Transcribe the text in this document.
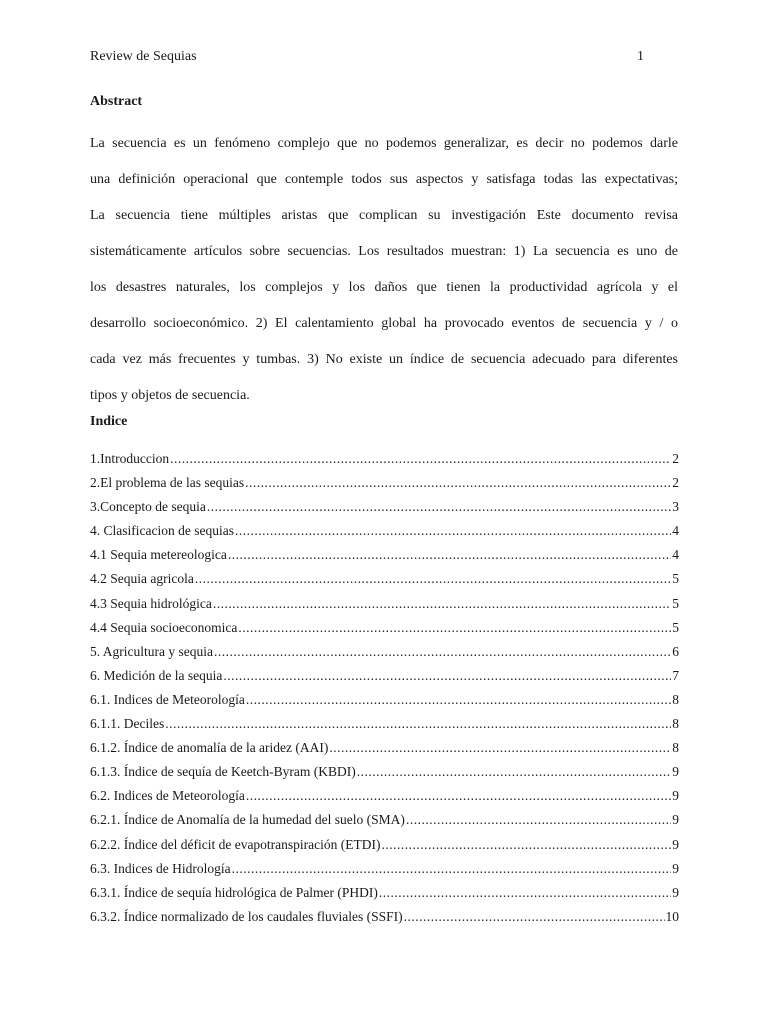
Review de Sequias	1
Abstract
La secuencia es un fenómeno complejo que no podemos generalizar, es decir no podemos darle
una definición operacional que contemple todos sus aspectos y satisfaga todas las expectativas;
La secuencia tiene múltiples aristas que complican su investigación Este documento revisa
sistemáticamente artículos sobre secuencias. Los resultados muestran: 1) La secuencia es uno de
los desastres naturales, los complejos y los daños que tienen la productividad agrícola y el
desarrollo socioeconómico. 2) El calentamiento global ha provocado eventos de secuencia y / o
cada vez más frecuentes y tumbas. 3) No existe un índice de secuencia adecuado para diferentes
tipos y objetos de secuencia.
Indice
1.Introduccion .....	2
2.El problema de las sequias .....	2
3.Concepto de sequia .....	3
4. Clasificacion de sequias .....	4
4.1 Sequia metereologica .....	4
4.2 Sequia agricola .....	5
4.3 Sequia hidrológica .....	5
4.4 Sequia socioeconomica .....	5
5. Agricultura y sequia .....	6
6. Medición de la sequia .....	7
6.1. Indices de Meteorología .....	8
6.1.1. Deciles .....	8
6.1.2. Índice de anomalía de la aridez (AAI) .....	8
6.1.3. Índice de sequía de Keetch-Byram (KBDI) .....	9
6.2. Indices de Meteorología .....	9
6.2.1. Índice de Anomalía de la humedad del suelo (SMA) .....	9
6.2.2. Índice del déficit de evapotranspiración (ETDI) .....	9
6.3. Indices de Hidrología .....	9
6.3.1. Índice de sequía hidrológica de Palmer (PHDI) .....	9
6.3.2. Índice normalizado de los caudales fluviales (SSFI) .....	10
